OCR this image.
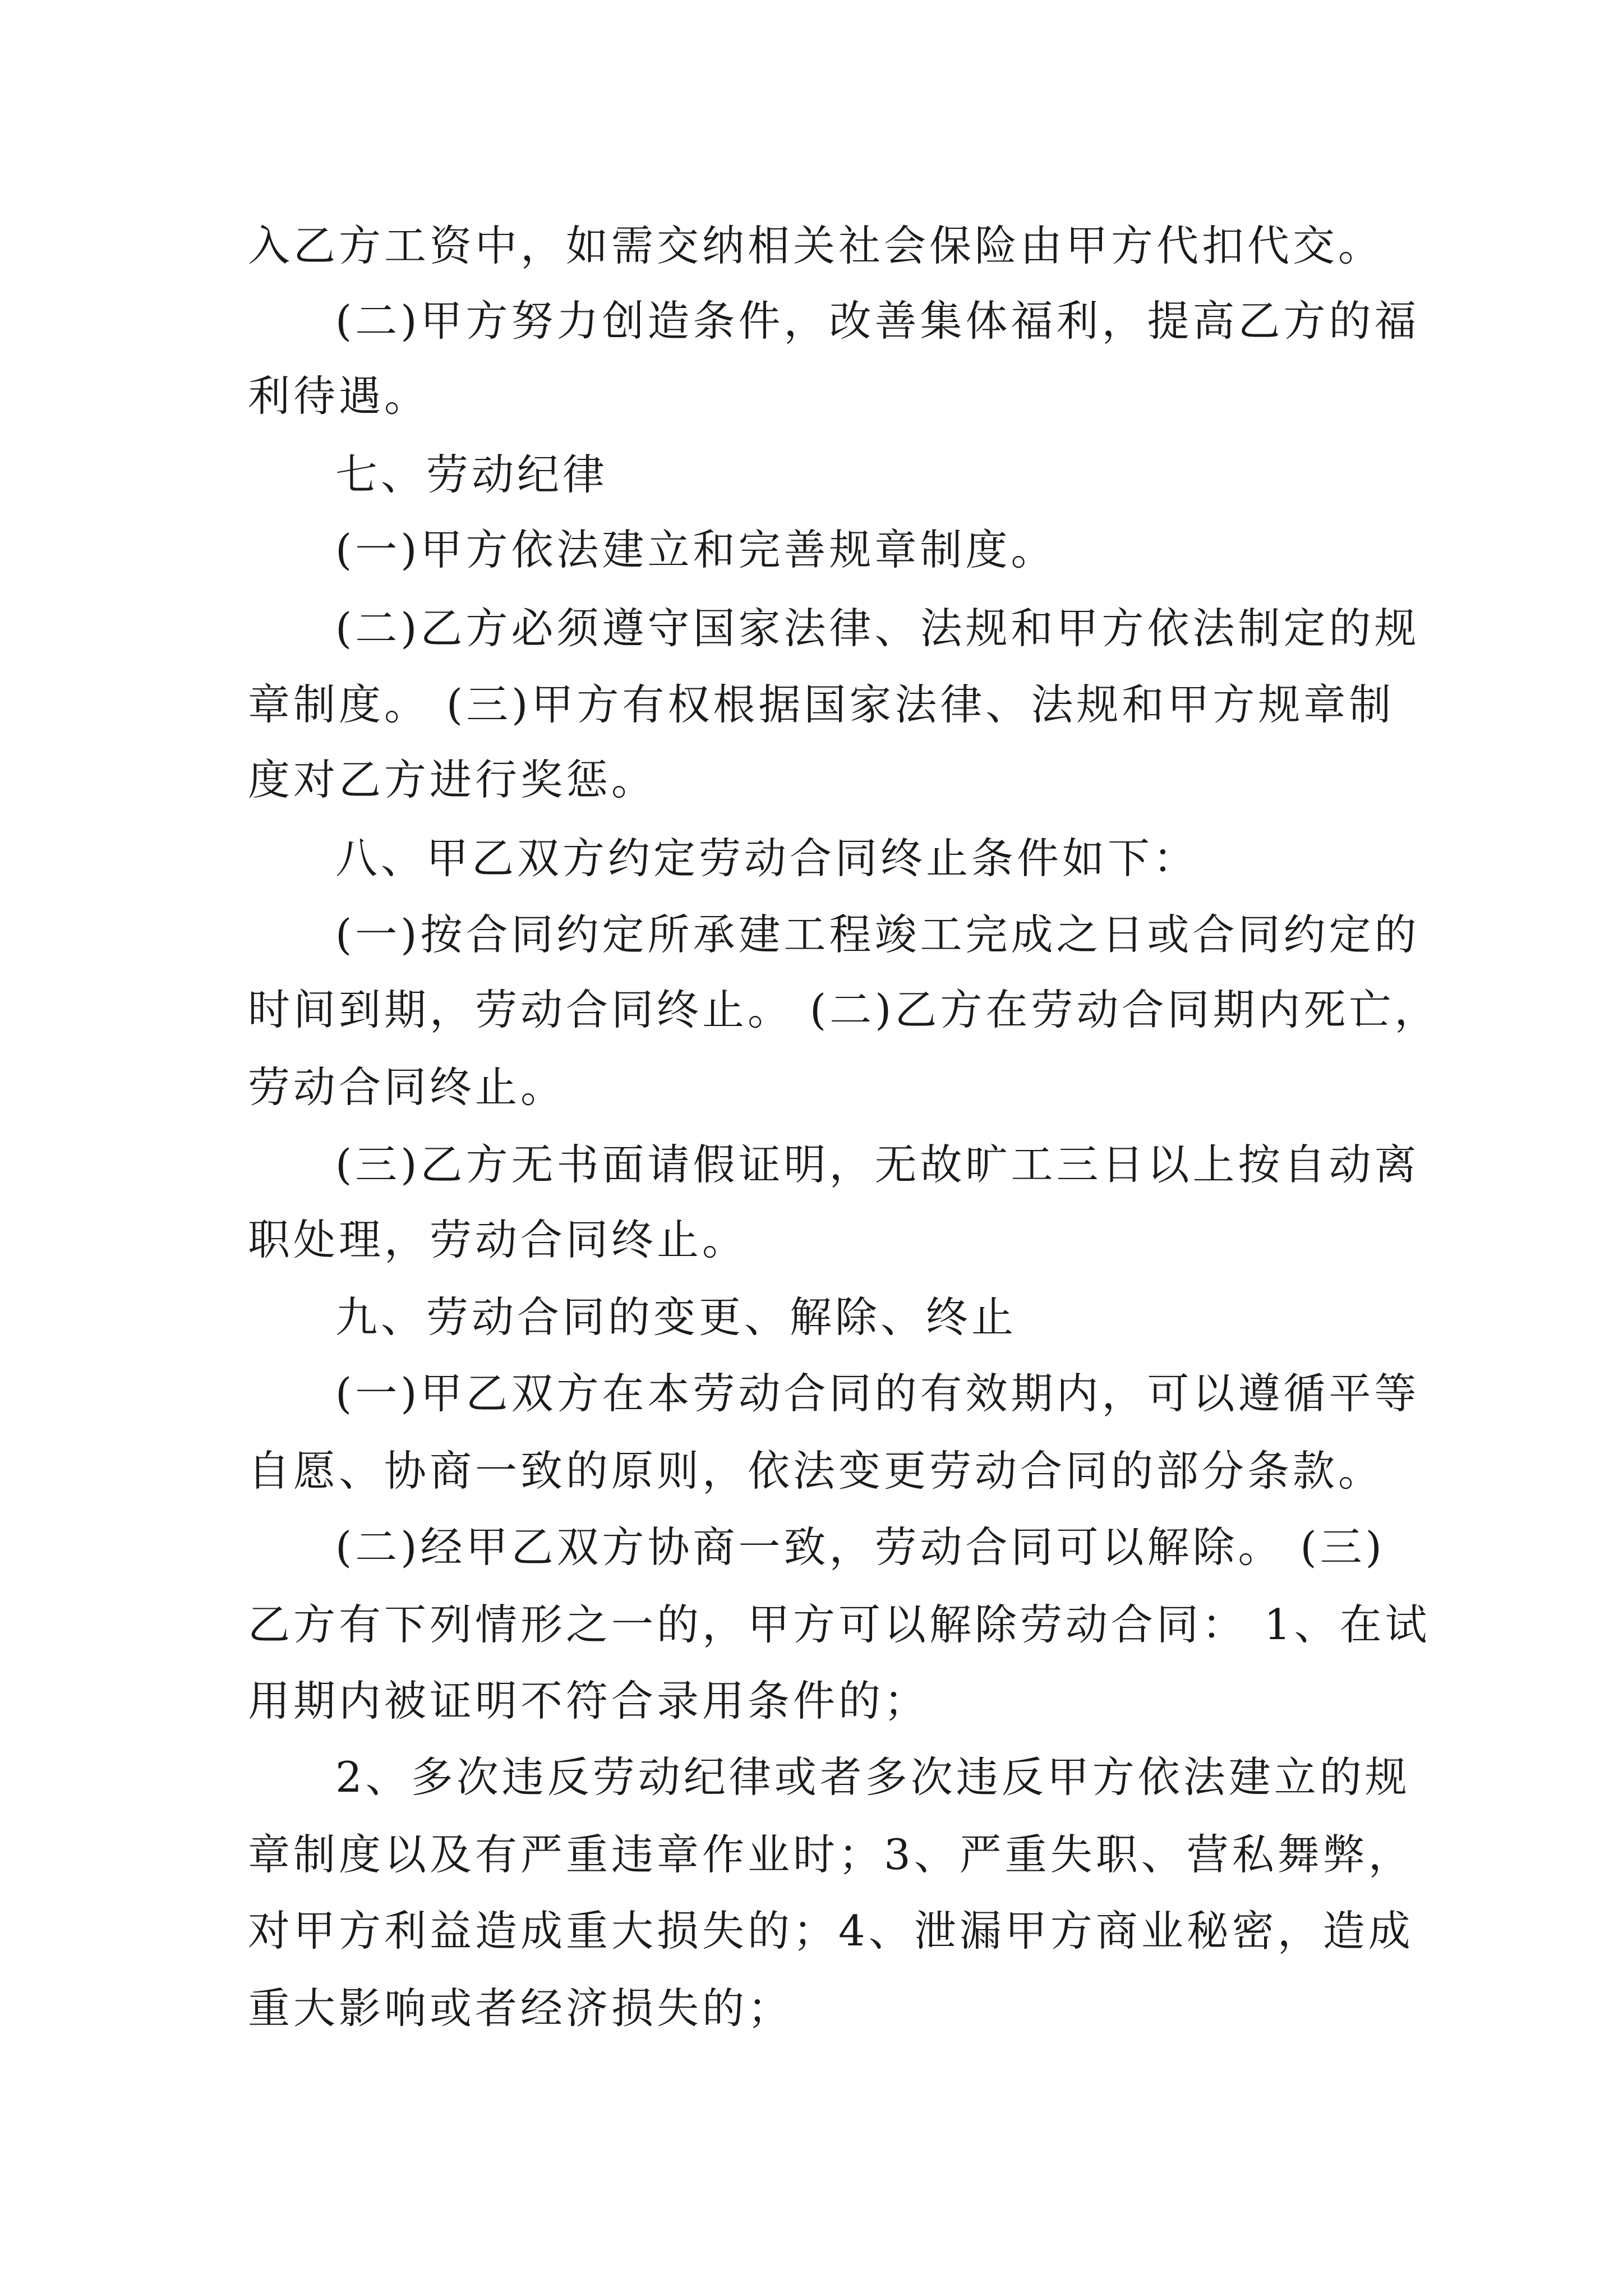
入乙方工资中，如需交纳相关社会保险由甲方代扣代交。
(二)甲方努力创造条件，改善集体福利，提高乙方的福
利待遇。
七、劳动纪律
(一)甲方依法建立和完善规章制度。
(二)乙方必须遵守国家法律、法规和甲方依法制定的规
章制度。 (三)甲方有权根据国家法律、法规和甲方规章制
度对乙方进行奖惩。
八、甲乙双方约定劳动合同终止条件如下：
(一)按合同约定所承建工程竣工完成之日或合同约定的
时间到期，劳动合同终止。 (二)乙方在劳动合同期内死亡，
劳动合同终止。
(三)乙方无书面请假证明，无故旷工三日以上按自动离
职处理，劳动合同终止。
九、劳动合同的变更、解除、终止
(一)甲乙双方在本劳动合同的有效期内，可以遵循平等
自愿、协商一致的原则，依法变更劳动合同的部分条款。
(二)经甲乙双方协商一致，劳动合同可以解除。 (三)
乙方有下列情形之一的，甲方可以解除劳动合同： 1、在试
用期内被证明不符合录用条件的；
2、多次违反劳动纪律或者多次违反甲方依法建立的规
章制度以及有严重违章作业时；3、严重失职、营私舞弊，
对甲方利益造成重大损失的；4、泄漏甲方商业秘密，造成
重大影响或者经济损失的；
